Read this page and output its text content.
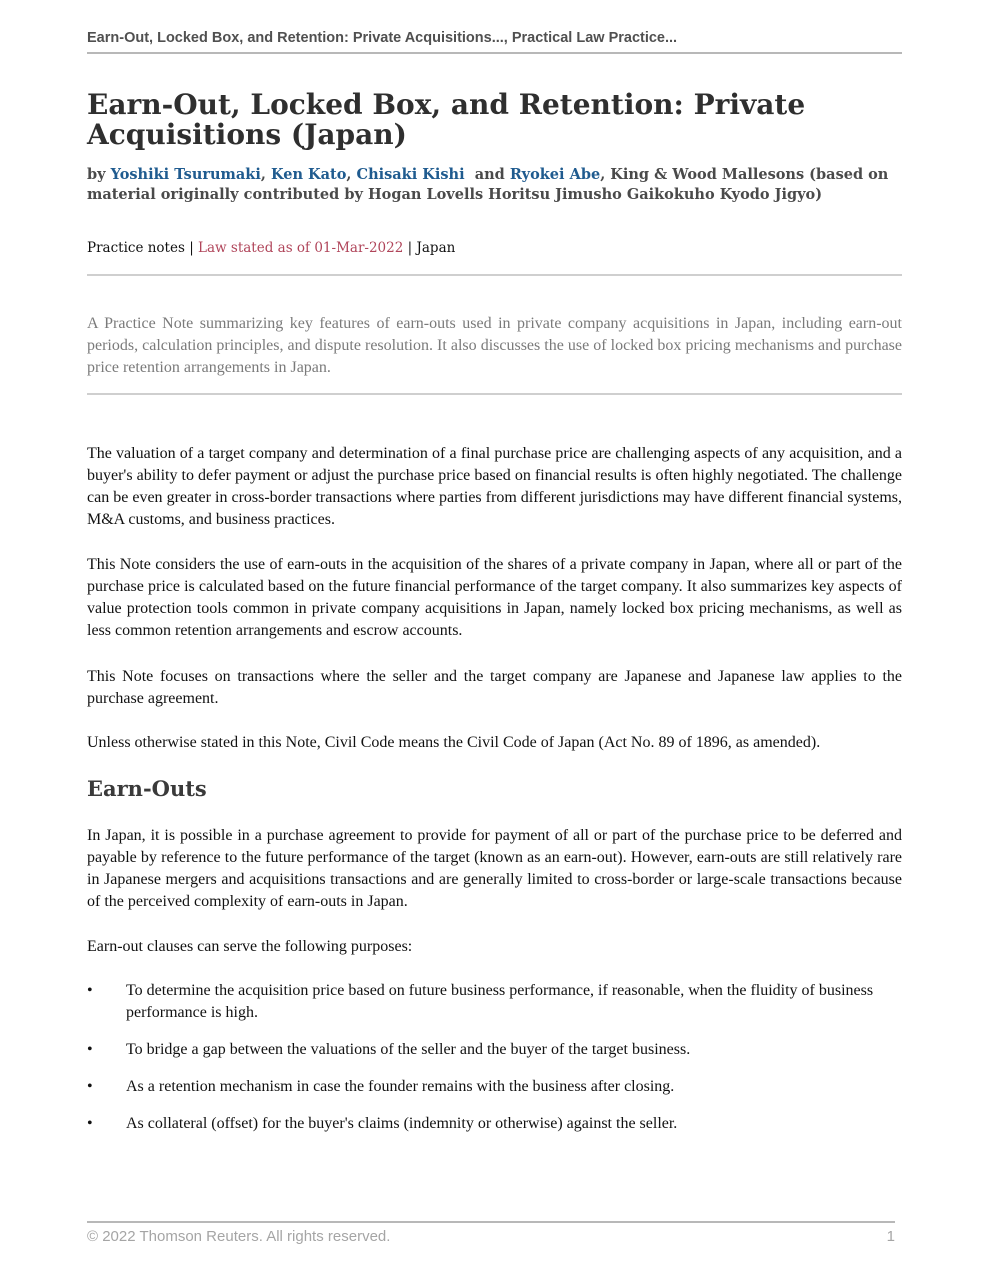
Earn-Out, Locked Box, and Retention: Private Acquisitions..., Practical Law Practice...
Earn-Out, Locked Box, and Retention: Private Acquisitions (Japan)
by Yoshiki Tsurumaki, Ken Kato, Chisaki Kishi  and Ryokei Abe, King & Wood Mallesons (based on material originally contributed by Hogan Lovells Horitsu Jimusho Gaikokuho Kyodo Jigyo)
Practice notes | Law stated as of 01-Mar-2022 | Japan
A Practice Note summarizing key features of earn-outs used in private company acquisitions in Japan, including earn-out periods, calculation principles, and dispute resolution. It also discusses the use of locked box pricing mechanisms and purchase price retention arrangements in Japan.

The valuation of a target company and determination of a final purchase price are challenging aspects of any acquisition, and a buyer's ability to defer payment or adjust the purchase price based on financial results is often highly negotiated. The challenge can be even greater in cross-border transactions where parties from different jurisdictions may have different financial systems, M&A customs, and business practices.

This Note considers the use of earn-outs in the acquisition of the shares of a private company in Japan, where all or part of the purchase price is calculated based on the future financial performance of the target company. It also summarizes key aspects of value protection tools common in private company acquisitions in Japan, namely locked box pricing mechanisms, as well as less common retention arrangements and escrow accounts.

This Note focuses on transactions where the seller and the target company are Japanese and Japanese law applies to the purchase agreement.

Unless otherwise stated in this Note, Civil Code means the Civil Code of Japan (Act No. 89 of 1896, as amended).

Earn-Outs

In Japan, it is possible in a purchase agreement to provide for payment of all or part of the purchase price to be deferred and payable by reference to the future performance of the target (known as an earn-out). However, earn-outs are still relatively rare in Japanese mergers and acquisitions transactions and are generally limited to cross-border or large-scale transactions because of the perceived complexity of earn-outs in Japan.

Earn-out clauses can serve the following purposes:

• To determine the acquisition price based on future business performance, if reasonable, when the fluidity of business performance is high.
• To bridge a gap between the valuations of the seller and the buyer of the target business.
• As a retention mechanism in case the founder remains with the business after closing.
• As collateral (offset) for the buyer's claims (indemnity or otherwise) against the seller.
© 2022 Thomson Reuters. All rights reserved.	1
